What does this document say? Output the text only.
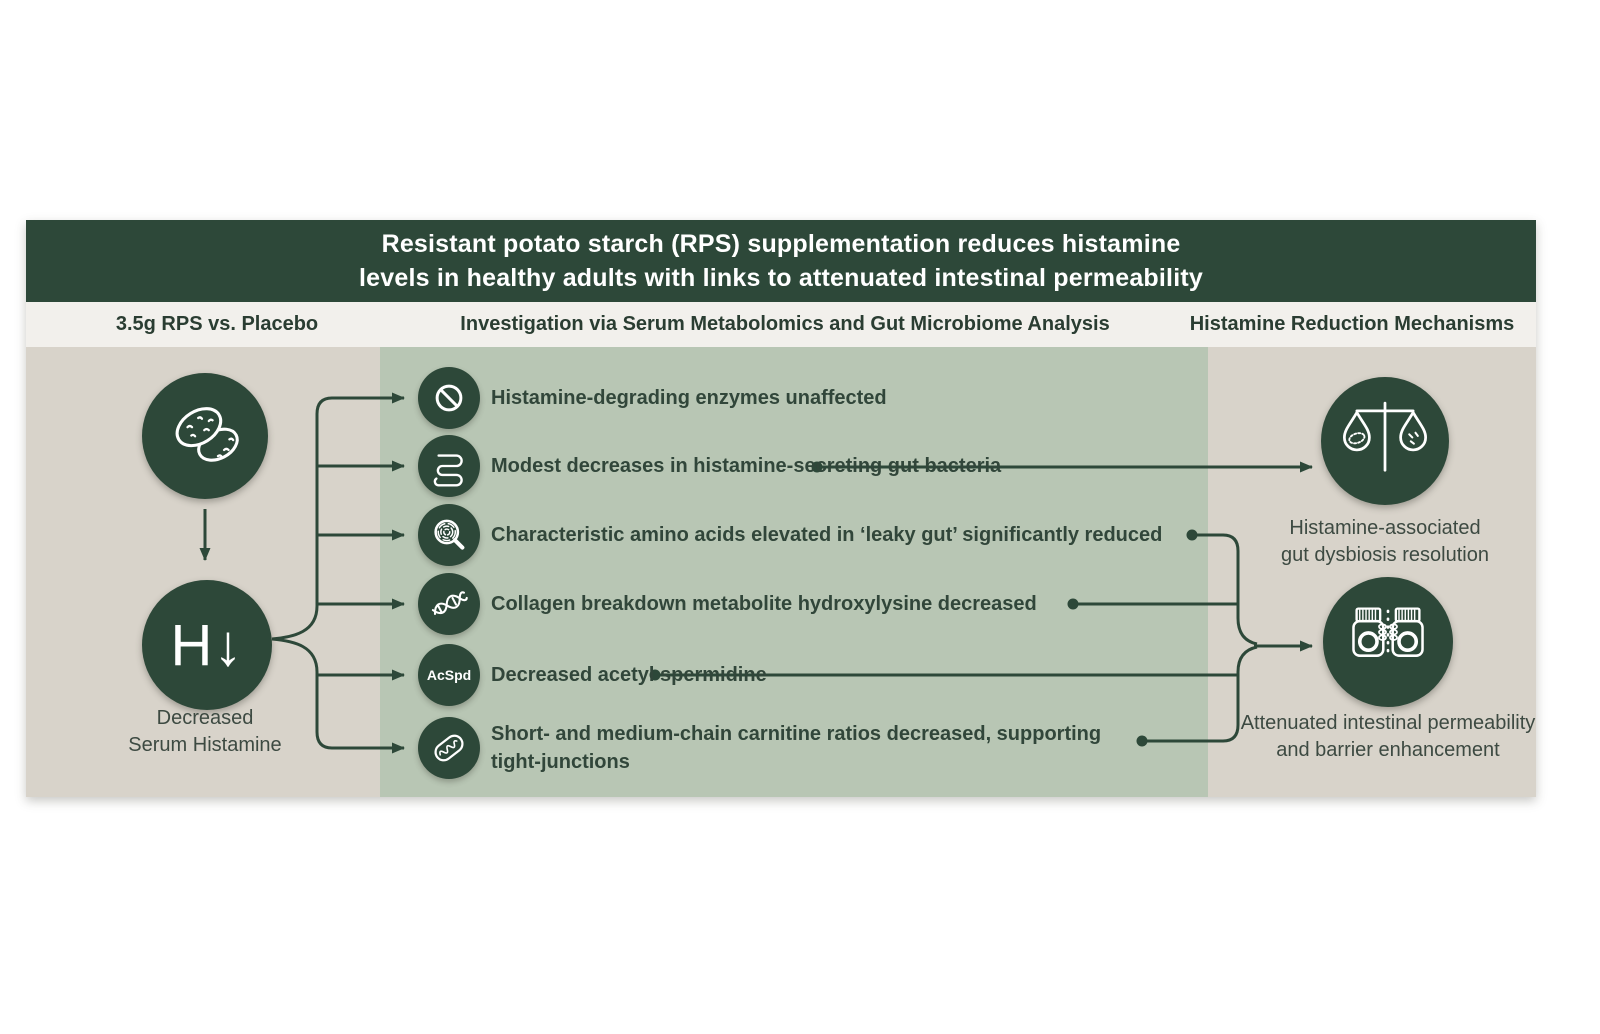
Resistant potato starch (RPS) supplementation reduces histamine
levels in healthy adults with links to attenuated intestinal permeability
3.5g RPS vs. Placebo	Investigation via Serum Metabolomics and Gut Microbiome Analysis	Histamine Reduction Mechanisms
H↓
Decreased
Serum Histamine
Histamine-degrading enzymes unaffected
Modest decreases in histamine-secreting gut bacteria
Characteristic amino acids elevated in ‘leaky gut’ significantly reduced
Collagen breakdown metabolite hydroxylysine decreased
AcSpd Decreased acetyl spermidine
Short- and medium-chain carnitine ratios decreased, supporting tight-junctions
Histamine-associated
gut dysbiosis resolution
Attenuated intestinal permeability
and barrier enhancement
